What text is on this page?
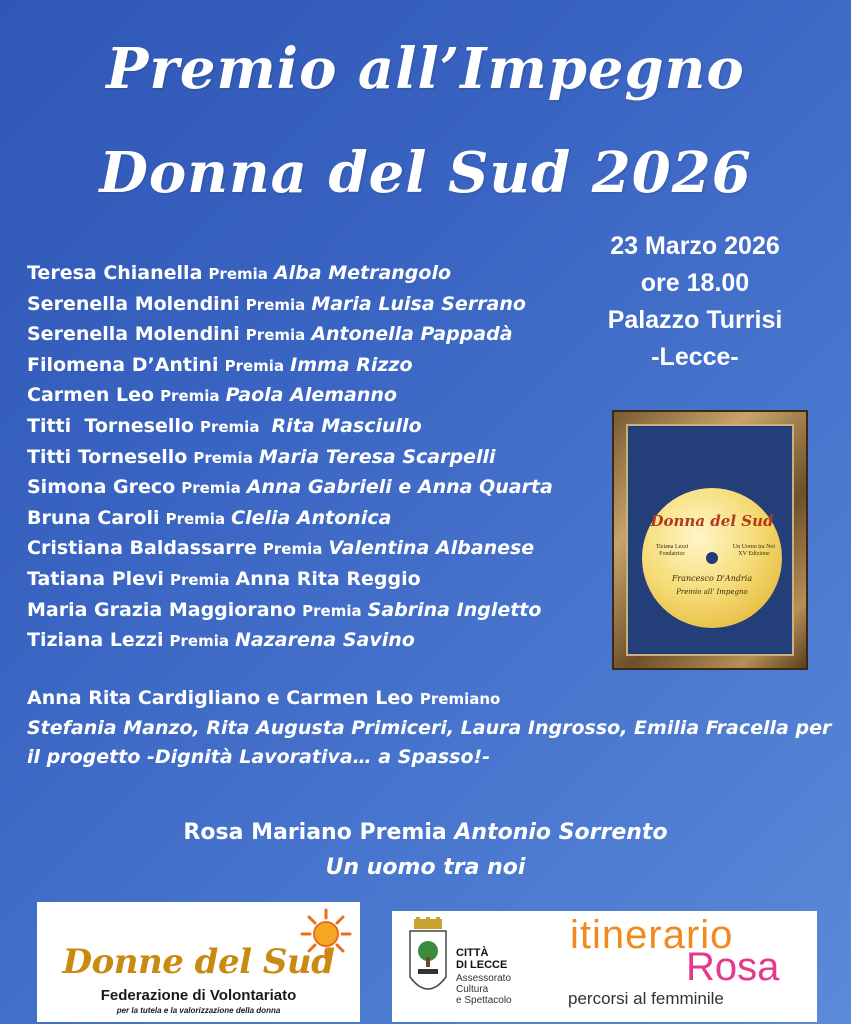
Premio all’Impegno
Donna del Sud 2026
23 Marzo 2026
ore 18.00
Palazzo Turrisi
-Lecce-
Teresa Chianella Premia Alba Metrangolo
Serenella Molendini Premia Maria Luisa Serrano
Serenella Molendini Premia Antonella Pappadà
Filomena D’Antini Premia Imma Rizzo
Carmen Leo Premia Paola Alemanno
Titti  Tornesello Premia Rita Masciullo
Titti Tornesello Premia Maria Teresa Scarpelli
Simona Greco Premia Anna Gabrieli e Anna Quarta
Bruna Caroli Premia Clelia Antonica
Cristiana Baldassarre Premia Valentina Albanese
Tatiana Plevi Premia Anna Rita Reggio
Maria Grazia Maggiorano Premia Sabrina Ingletto
Tiziana Lezzi Premia Nazarena Savino
Donna del Sud
Tiziana Lezzi
Fondatrice
Un Uomo tra Noi
XV Edizione
Francesco D'Andria
Premio all' Impegno
Anna Rita Cardigliano e Carmen Leo Premiano
Stefania Manzo, Rita Augusta Primiceri, Laura Ingrosso, Emilia Fracella per
il progetto -Dignità Lavorativa… a Spasso!-
Rosa Mariano Premia Antonio Sorrento
Un uomo tra noi
Donne del Sud
Federazione di Volontariato
per la tutela e la valorizzazione della donna
CITTÀ
DI LECCE
Assessorato
Cultura
e Spettacolo
itinerario
Rosa
percorsi al femminile
